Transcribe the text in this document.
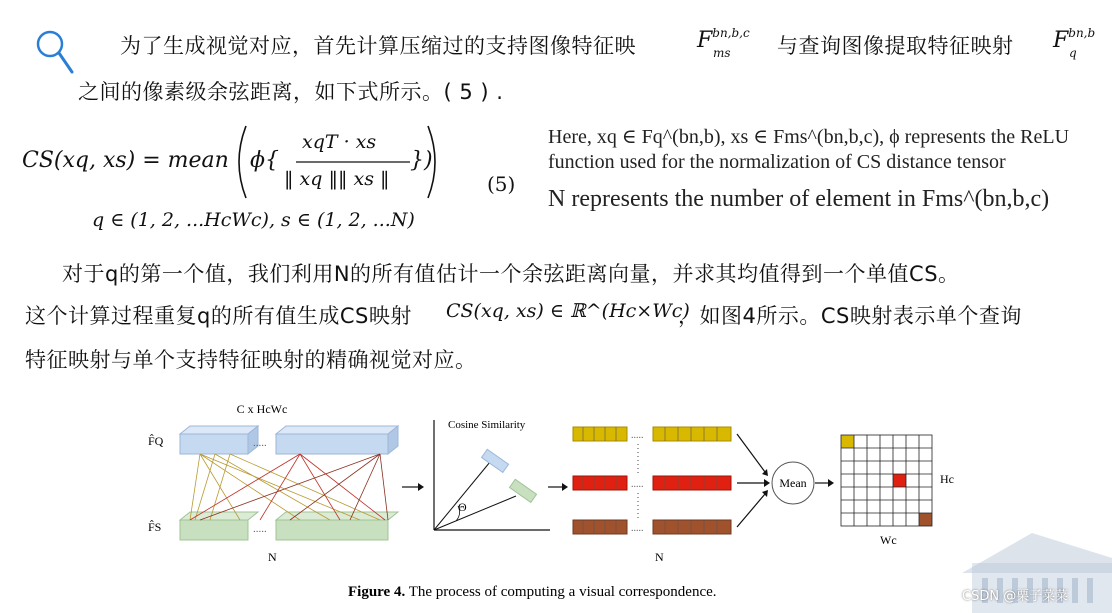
为了生成视觉对应，首先计算压缩过的支持图像特征映	$F^{bn,b,c}$
ms 与查询图像提取特征映射 $F^{bn,b}$
q
之间的像素级余弦距离，如下式所示。( 5 ) .
CS(xq, xs) = mean ϕ{
xqT · xs
‖ xq ‖‖ xs ‖
})
q ∈ (1, 2, ...HcWc), s ∈ (1, 2, ...N)
(5)
Here, xq ∈ Fq^(bn,b), xs ∈ Fms^(bn,b,c), ϕ represents the ReLU
function used for the normalization of CS distance tensor
N represents the number of element in Fms^(bn,b,c)
对于q的第一个值，我们利用N的所有值估计一个余弦距离向量，并求其均值得到一个单值CS。
这个计算过程重复q的所有值生成CS映射 CS(xq, xs) ∈ ℝ^(Hc×Wc)
，如图4所示。CS映射表示单个查询
特征映射与单个支持特征映射的精确视觉对应。
C x HcWc
F̂Q
F̂S
N
.....
.....
Cosine Similarity
Θ
.....
.....
.....
N
Mean	Hc
Wc
Figure 4. The process of computing a visual correspondence.	CSDN @栗子菜菜
